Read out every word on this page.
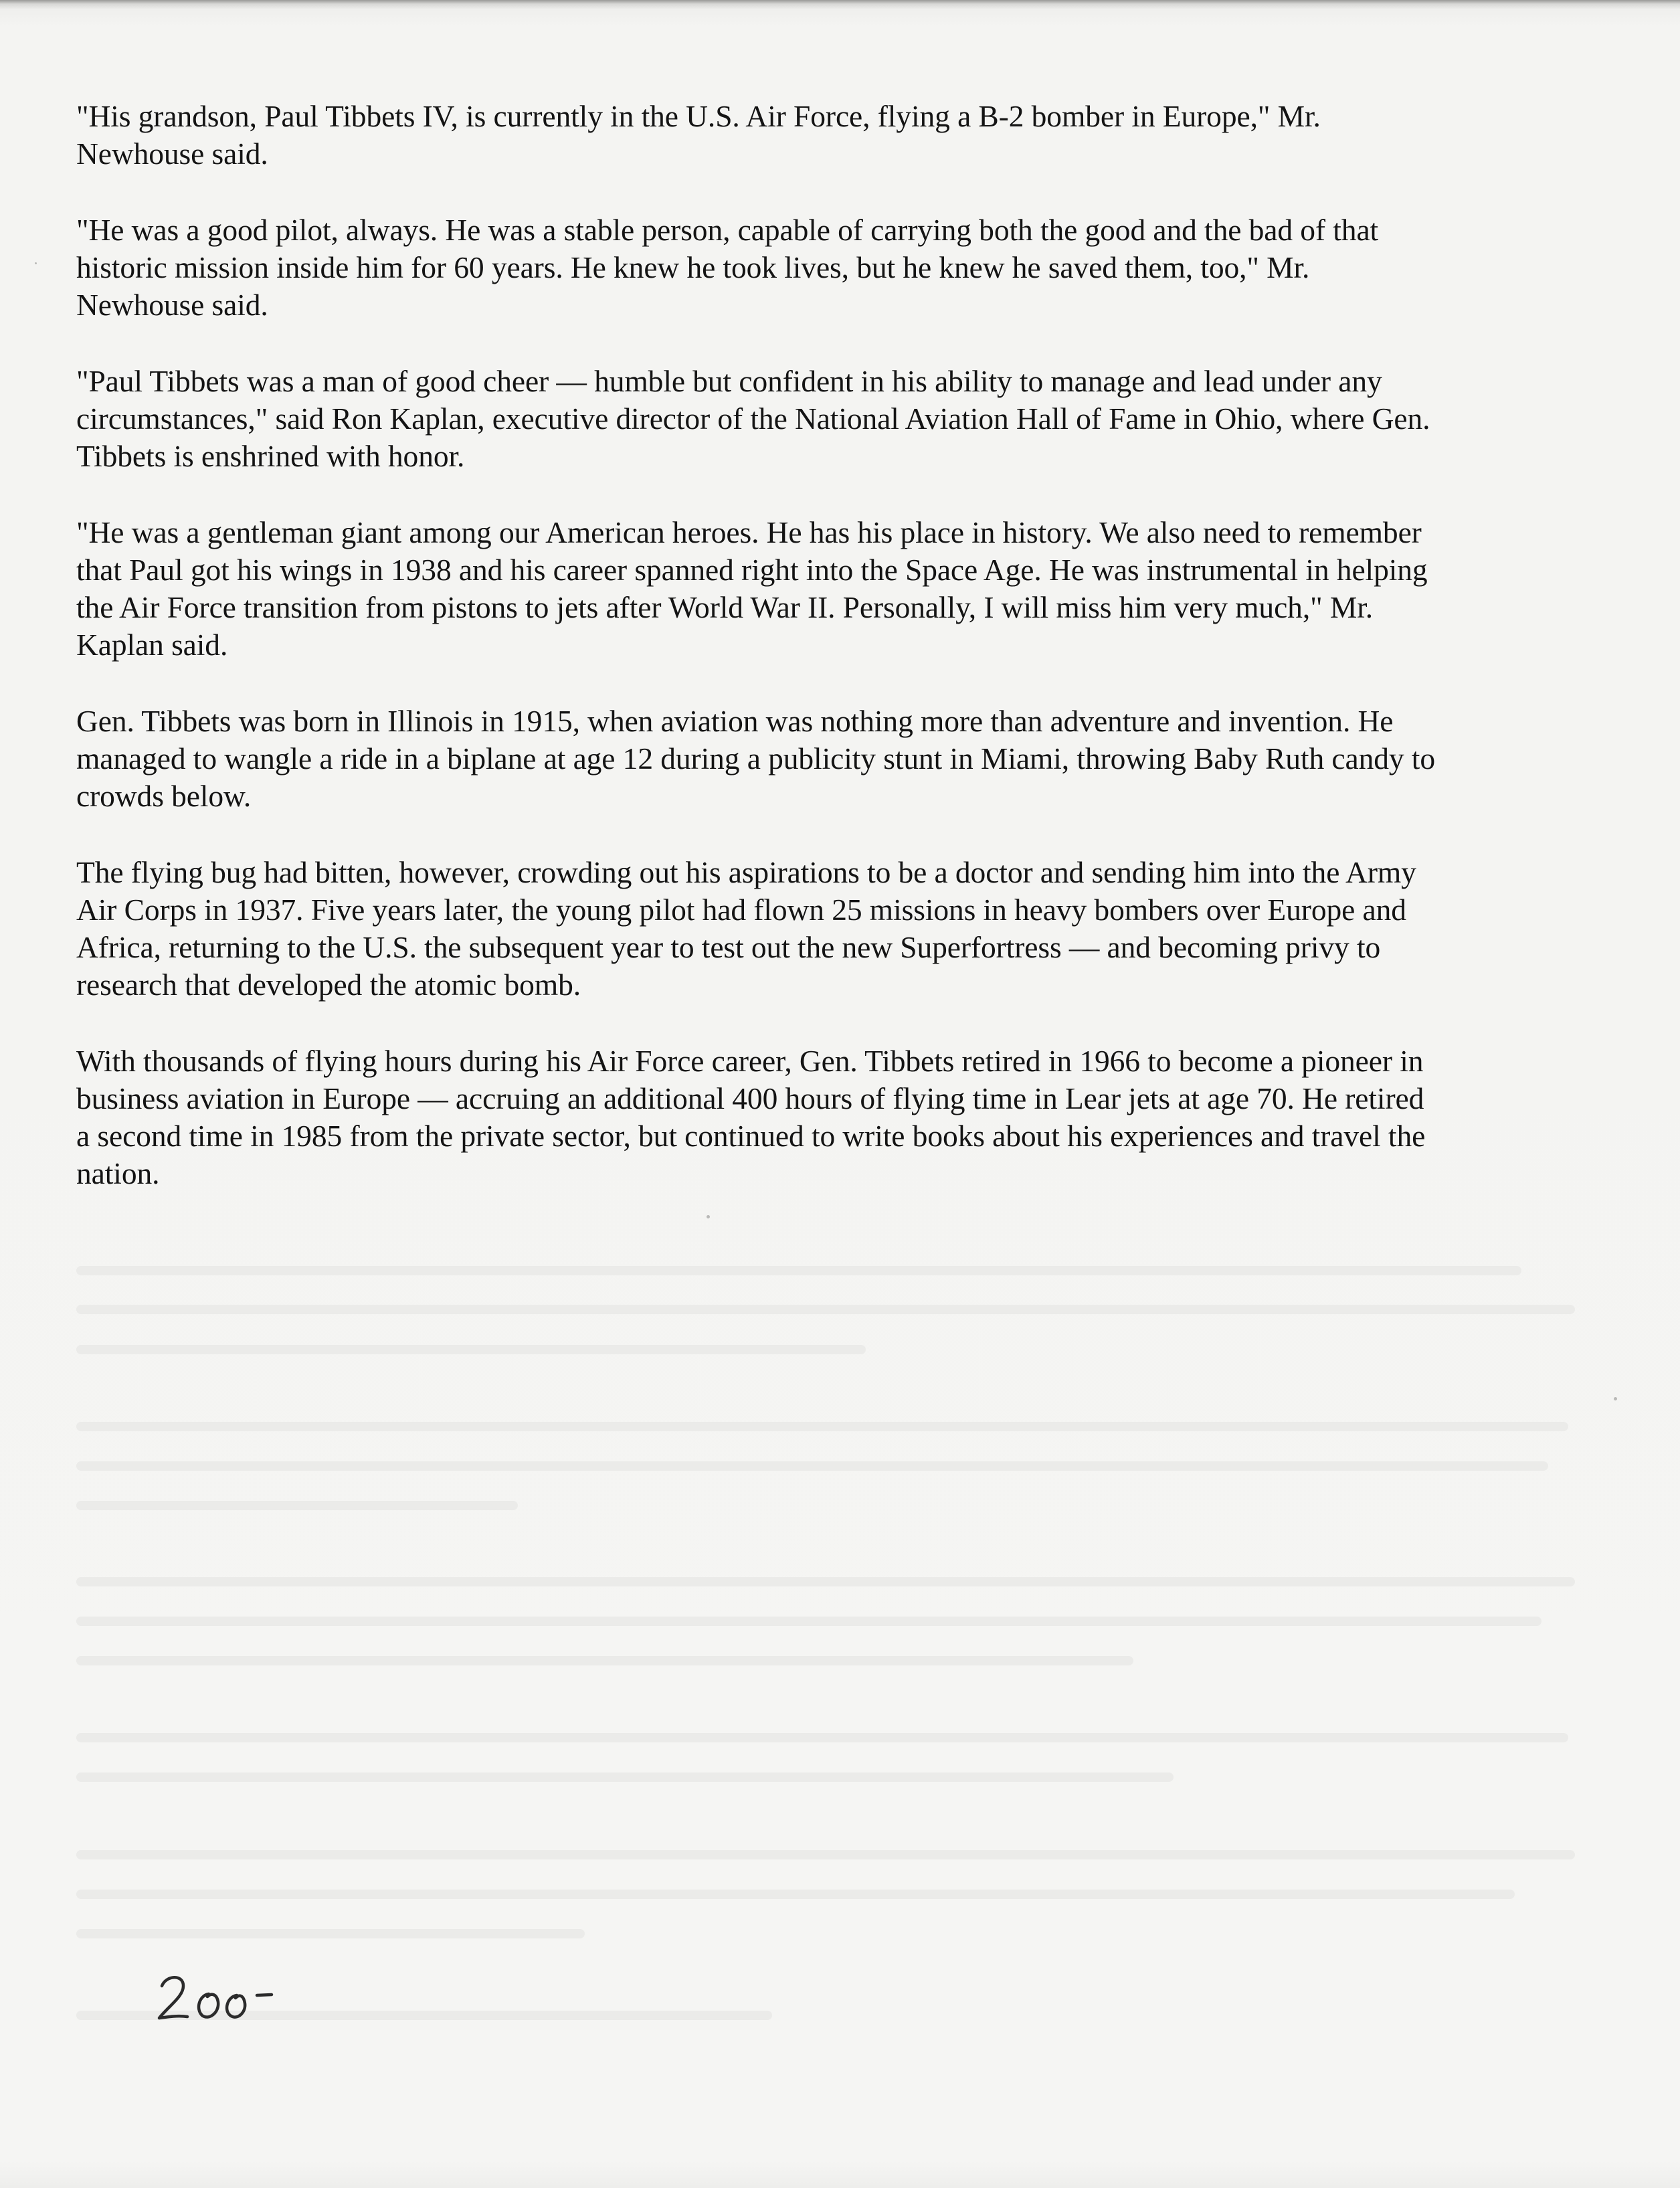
"His grandson, Paul Tibbets IV, is currently in the U.S. Air Force, flying a B-2 bomber in Europe," Mr.
Newhouse said.

"He was a good pilot, always. He was a stable person, capable of carrying both the good and the bad of that
historic mission inside him for 60 years. He knew he took lives, but he knew he saved them, too," Mr.
Newhouse said.

"Paul Tibbets was a man of good cheer — humble but confident in his ability to manage and lead under any
circumstances," said Ron Kaplan, executive director of the National Aviation Hall of Fame in Ohio, where Gen.
Tibbets is enshrined with honor.

"He was a gentleman giant among our American heroes. He has his place in history. We also need to remember
that Paul got his wings in 1938 and his career spanned right into the Space Age. He was instrumental in helping
the Air Force transition from pistons to jets after World War II. Personally, I will miss him very much," Mr.
Kaplan said.

Gen. Tibbets was born in Illinois in 1915, when aviation was nothing more than adventure and invention. He
managed to wangle a ride in a biplane at age 12 during a publicity stunt in Miami, throwing Baby Ruth candy to
crowds below.

The flying bug had bitten, however, crowding out his aspirations to be a doctor and sending him into the Army
Air Corps in 1937. Five years later, the young pilot had flown 25 missions in heavy bombers over Europe and
Africa, returning to the U.S. the subsequent year to test out the new Superfortress — and becoming privy to
research that developed the atomic bomb.

With thousands of flying hours during his Air Force career, Gen. Tibbets retired in 1966 to become a pioneer in
business aviation in Europe — accruing an additional 400 hours of flying time in Lear jets at age 70. He retired
a second time in 1985 from the private sector, but continued to write books about his experiences and travel the
nation.
